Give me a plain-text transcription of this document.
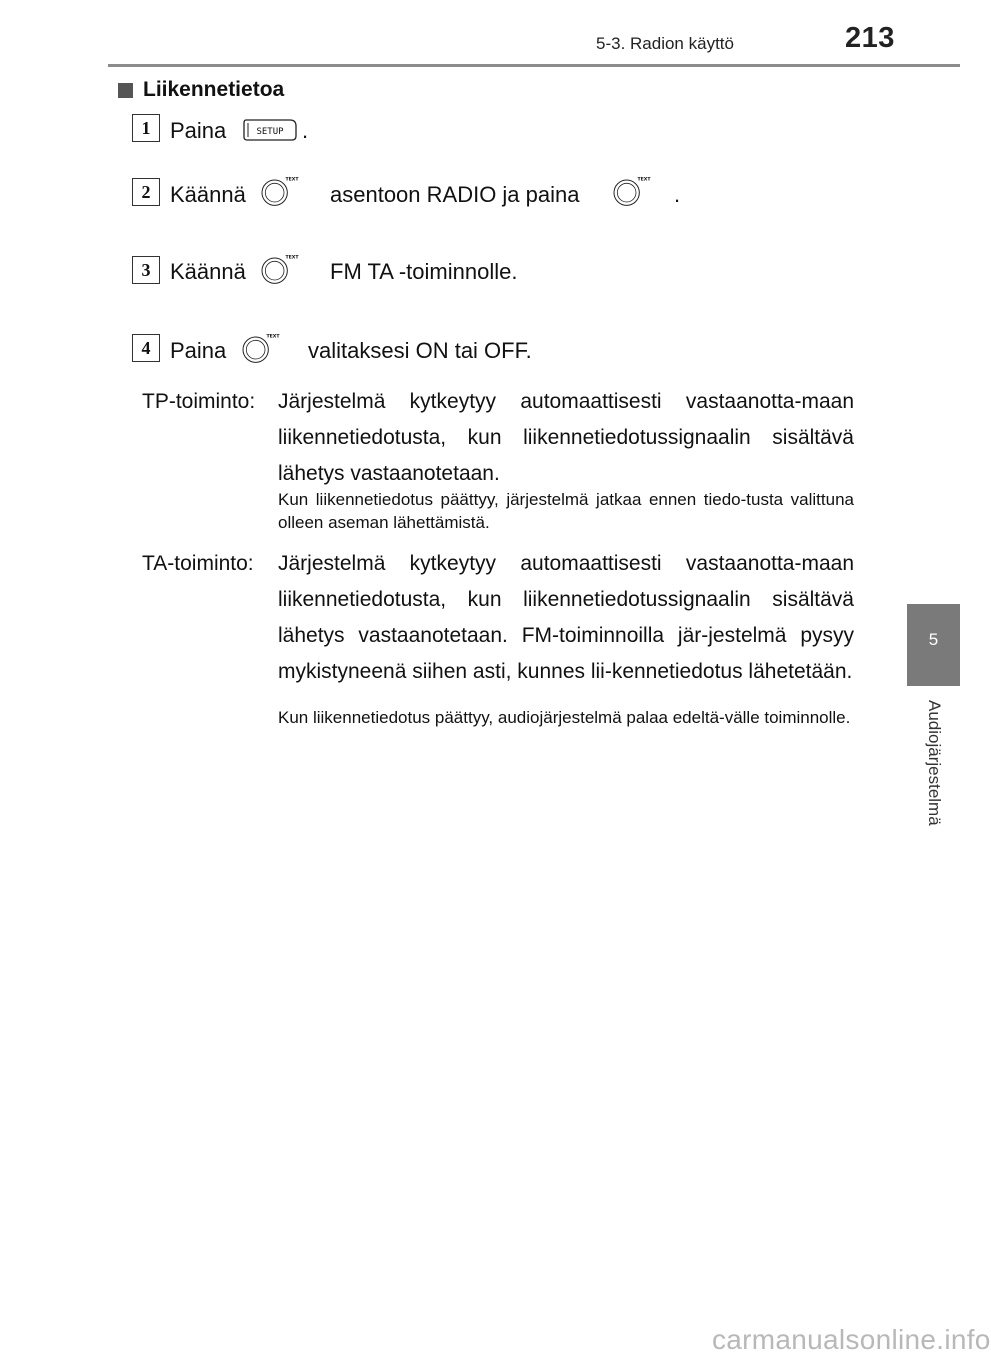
5-3. Radion käyttö	213
5
Audiojärjestelmä
Liikennetietoa
1 Paina	SETUP .
2 Käännä
TEXT
asentoon RADIO ja paina
TEXT
.
3 Käännä
TEXT
FM TA -toiminnolle.
4 Paina
TEXT
valitaksesi ON tai OFF.
TP-toiminto: Järjestelmä kytkeytyy automaattisesti vastaanotta-maan liikennetiedotusta, kun liikennetiedotussignaalin sisältävä lähetys vastaanotetaan.
Kun liikennetiedotus päättyy, järjestelmä jatkaa ennen tiedo-tusta valittuna olleen aseman lähettämistä.
TA-toiminto: Järjestelmä kytkeytyy automaattisesti vastaanotta-maan liikennetiedotusta, kun liikennetiedotussignaalin sisältävä lähetys vastaanotetaan. FM-toiminnoilla jär-jestelmä pysyy mykistyneenä siihen asti, kunnes lii-kennetiedotus lähetetään.
Kun liikennetiedotus päättyy, audiojärjestelmä palaa edeltä-välle toiminnolle.
carmanualsonline.info
